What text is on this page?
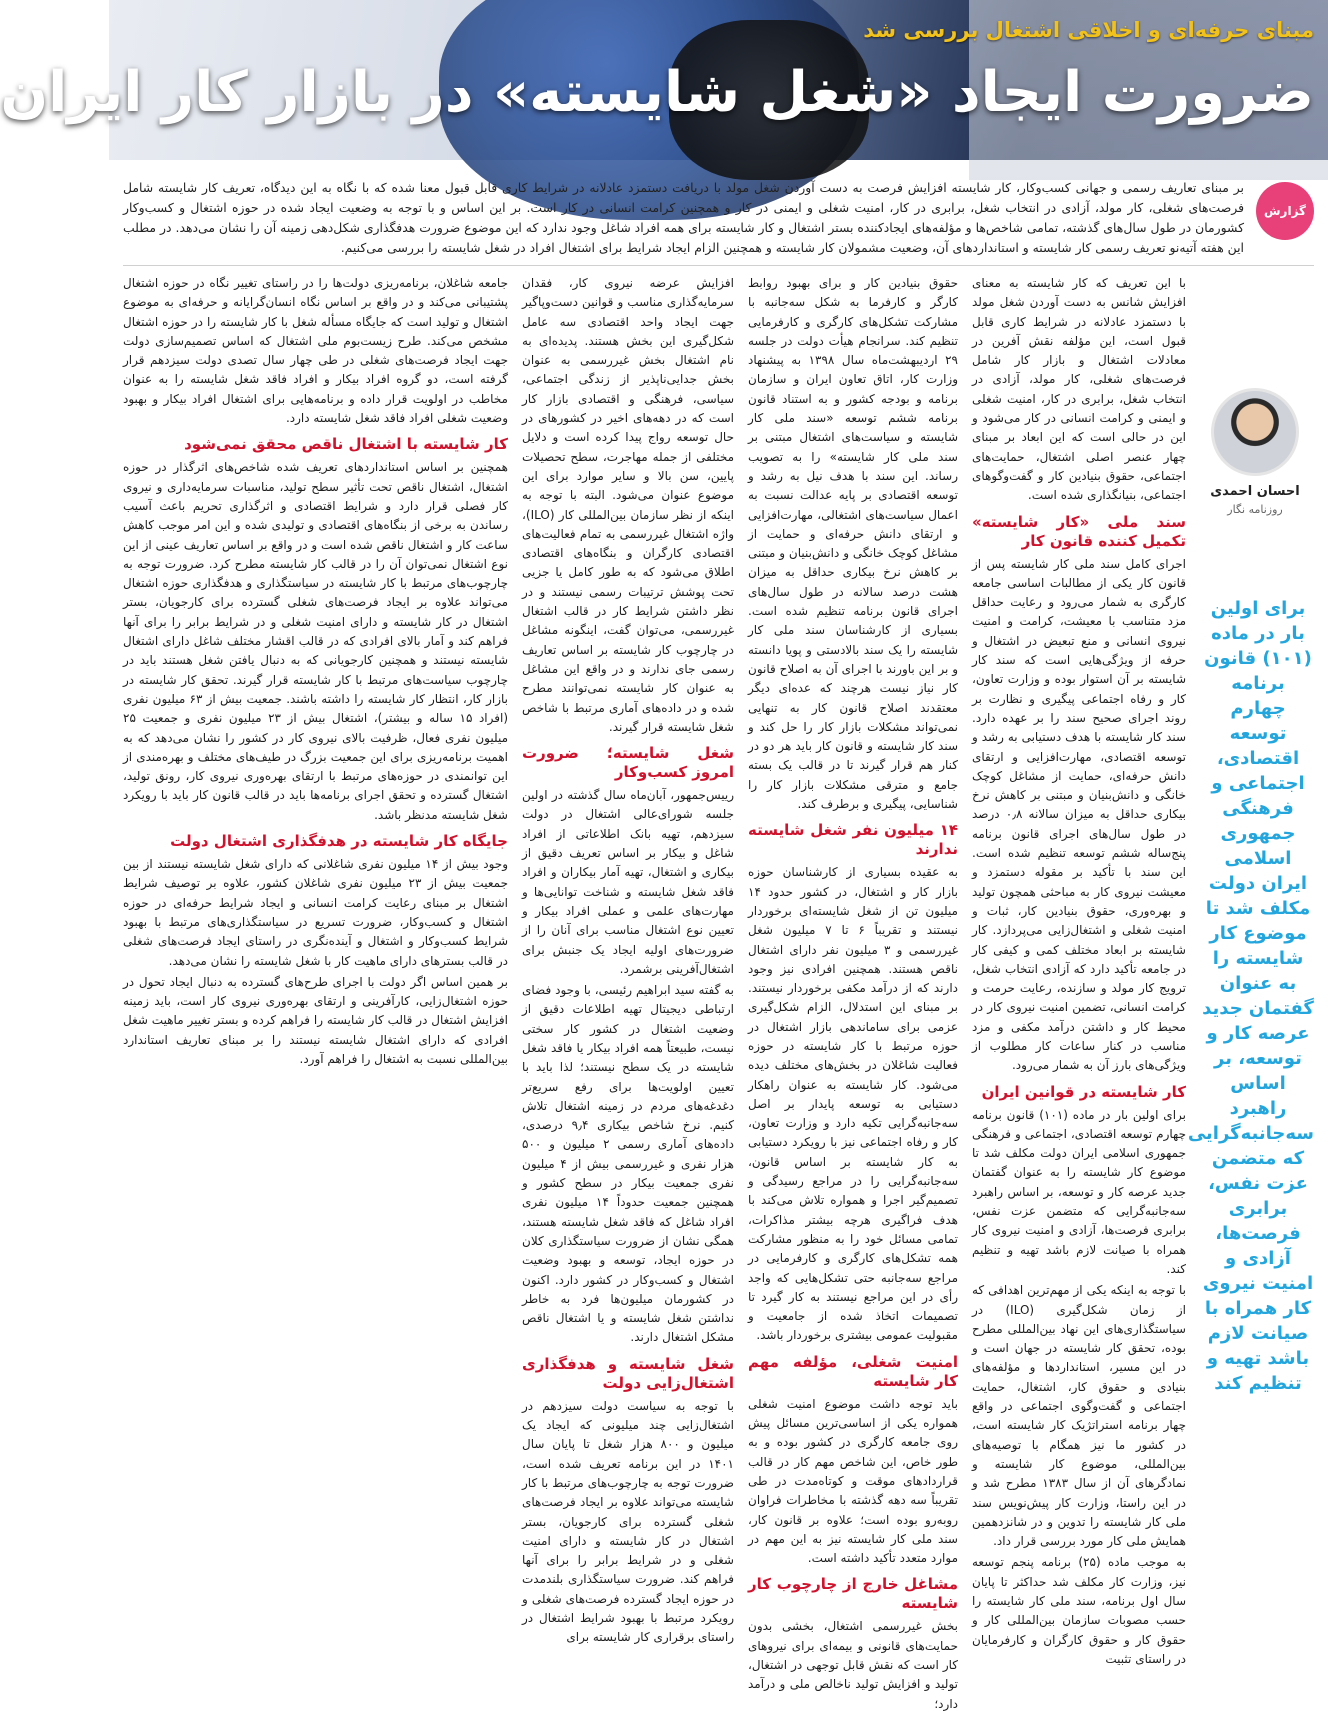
مبنای حرفه‌ای و اخلاقی اشتغال بررسی شد
ضرورت ایجاد «شغل شایسته» در بازار کار ایران
گزارش
بر مبنای تعاریف رسمی و جهانی کسب‌وکار، کار شایسته افزایش فرصت به دست آوردن شغل مولد با دریافت دستمزد عادلانه در شرایط کاری قابل قبول معنا شده که با نگاه به این دیدگاه، تعریف کار شایسته شامل فرصت‌های شغلی، کار مولد، آزادی در انتخاب شغل، برابری در کار، امنیت شغلی و ایمنی در کار و همچنین کرامت انسانی در کار است. بر این اساس و با توجه به وضعیت ایجاد شده در حوزه اشتغال و کسب‌وکار کشورمان در طول سال‌های گذشته، تمامی شاخص‌ها و مؤلفه‌های ایجادکننده بستر اشتغال و کار شایسته برای همه افراد شاغل وجود ندارد که این موضوع ضرورت هدفگذاری شکل‌دهی زمینه آن را نشان می‌دهد. در مطلب این هفته آتیه‌نو تعریف رسمی کار شایسته و استانداردهای آن، وضعیت مشمولان کار شایسته و همچنین الزام ایجاد شرایط برای اشتغال افراد در شغل شایسته را بررسی می‌کنیم.
احسان احمدی
روزنامه نگار
برای اولین بار در ماده (۱۰۱) قانون برنامه چهارم توسعه اقتصادی، اجتماعی و فرهنگی جمهوری اسلامی ایران دولت مکلف شد تا موضوع کار شایسته را به عنوان گفتمان جدید عرصه کار و توسعه، بر اساس راهبرد سه‌جانبه‌گرایی که متضمن عزت نفس، برابری فرصت‌ها، آزادی و امنیت نیروی کار همراه با صیانت لازم باشد تهیه و تنظیم کند

با این تعریف که کار شایسته به معنای افزایش شانس به دست آوردن شغل مولد با دستمزد عادلانه در شرایط کاری قابل قبول است، این مؤلفه نقش آفرین در معادلات اشتغال و بازار کار شامل فرصت‌های شغلی، کار مولد، آزادی در انتخاب شغل، برابری در کار، امنیت شغلی و ایمنی و کرامت انسانی در کار می‌شود و این در حالی است که این ابعاد بر مبنای چهار عنصر اصلی اشتغال، حمایت‌های اجتماعی، حقوق بنیادین کار و گفت‌وگوهای اجتماعی، بنیانگذاری شده است.

سند ملی «کار شایسته» تکمیل کننده قانون کار

اجرای کامل سند ملی کار شایسته پس از قانون کار یکی از مطالبات اساسی جامعه کارگری به شمار می‌رود و رعایت حداقل مزد متناسب با معیشت، کرامت و امنیت نیروی انسانی و منع تبعیض در اشتغال و حرفه از ویژگی‌هایی است که سند کار شایسته بر آن استوار بوده و وزارت تعاون، کار و رفاه اجتماعی پیگیری و نظارت بر روند اجرای صحیح سند را بر عهده دارد. سند کار شایسته با هدف دستیابی به رشد و توسعه اقتصادی، مهارت‌افزایی و ارتقای دانش حرفه‌ای، حمایت از مشاغل کوچک خانگی و دانش‌بنیان و مبتنی بر کاهش نرخ بیکاری حداقل به میزان سالانه ۰٫۸ درصد در طول سال‌های اجرای قانون برنامه پنج‌ساله ششم توسعه تنظیم شده است. این سند با تأکید بر مقوله دستمزد و معیشت نیروی کار به مباحثی همچون تولید و بهره‌وری، حقوق بنیادین کار، ثبات و امنیت شغلی و اشتغال‌زایی می‌پردازد. کار شایسته بر ابعاد مختلف کمی و کیفی کار در جامعه تأکید دارد که آزادی انتخاب شغل، ترویج کار مولد و سازنده، رعایت حرمت و کرامت انسانی، تضمین امنیت نیروی کار در محیط کار و داشتن درآمد مکفی و مزد مناسب در کنار ساعات کار مطلوب از ویژگی‌های بارز آن به شمار می‌رود.

کار شایسته در قوانین ایران

برای اولین بار در ماده (۱۰۱) قانون برنامه چهارم توسعه اقتصادی، اجتماعی و فرهنگی جمهوری اسلامی ایران دولت مکلف شد تا موضوع کار شایسته را به عنوان گفتمان جدید عرصه کار و توسعه، بر اساس راهبرد سه‌جانبه‌گرایی که متضمن عزت نفس، برابری فرصت‌ها، آزادی و امنیت نیروی کار همراه با صیانت لازم باشد تهیه و تنظیم کند.

با توجه به اینکه یکی از مهم‌ترین اهدافی که از زمان شکل‌گیری (ILO) در سیاستگذاری‌های این نهاد بین‌المللی مطرح بوده، تحقق کار شایسته در جهان است و در این مسیر، استانداردها و مؤلفه‌های بنیادی و حقوق کار، اشتغال، حمایت اجتماعی و گفت‌وگوی اجتماعی در واقع چهار برنامه استراتژیک کار شایسته است، در کشور ما نیز همگام با توصیه‌های بین‌المللی، موضوع کار شایسته و نمادگرهای آن از سال ۱۳۸۳ مطرح شد و در این راستا، وزارت کار پیش‌نویس سند ملی کار شایسته را تدوین و در شانزدهمین همایش ملی کار مورد بررسی قرار داد.

به موجب ماده (۲۵) برنامه پنجم توسعه نیز، وزارت کار مکلف شد حداکثر تا پایان سال اول برنامه، سند ملی کار شایسته را حسب مصوبات سازمان بین‌المللی کار و حقوق کار و حقوق کارگران و کارفرمایان در راستای تثبیت

حقوق بنیادین کار و برای بهبود روابط کارگر و کارفرما به شکل سه‌جانبه با مشارکت تشکل‌های کارگری و کارفرمایی تنظیم کند. سرانجام هیأت دولت در جلسه ۲۹ اردیبهشت‌ماه سال ۱۳۹۸ به پیشنهاد وزارت کار، اتاق تعاون ایران و سازمان برنامه و بودجه کشور و به استناد قانون برنامه ششم توسعه «سند ملی کار شایسته و سیاست‌های اشتغال مبتنی بر سند ملی کار شایسته» را به تصویب رساند. این سند با هدف نیل به رشد و توسعه اقتصادی بر پایه عدالت نسبت به اعمال سیاست‌های اشتغالی، مهارت‌افزایی و ارتقای دانش حرفه‌ای و حمایت از مشاغل کوچک خانگی و دانش‌بنیان و مبتنی بر کاهش نرخ بیکاری حداقل به میزان هشت درصد سالانه در طول سال‌های اجرای قانون برنامه تنظیم شده است. بسیاری از کارشناسان سند ملی کار شایسته را یک سند بالادستی و پویا دانسته و بر این باورند با اجرای آن به اصلاح قانون کار نیاز نیست هرچند که عده‌ای دیگر معتقدند اصلاح قانون کار به تنهایی نمی‌تواند مشکلات بازار کار را حل کند و سند کار شایسته و قانون کار باید هر دو در کنار هم قرار گیرند تا در قالب یک بسته جامع و مترقی مشکلات بازار کار را شناسایی، پیگیری و برطرف کند.

۱۴ میلیون نفر شغل شایسته ندارند

به عقیده بسیاری از کارشناسان حوزه بازار کار و اشتغال، در کشور حدود ۱۴ میلیون تن از شغل شایسته‌ای برخوردار نیستند و تقریباً ۶ تا ۷ میلیون شغل غیررسمی و ۳ میلیون نفر دارای اشتغال ناقص هستند. همچنین افرادی نیز وجود دارند که از درآمد مکفی برخوردار نیستند. بر مبنای این استدلال، الزام شکل‌گیری عزمی برای ساماندهی بازار اشتغال در حوزه مرتبط با کار شایسته در حوزه فعالیت شاغلان در بخش‌های مختلف دیده می‌شود. کار شایسته به عنوان راهکار دستیابی به توسعه پایدار بر اصل سه‌جانبه‌گرایی تکیه دارد و وزارت تعاون، کار و رفاه اجتماعی نیز با رویکرد دستیابی به کار شایسته بر اساس قانون، سه‌جانبه‌گرایی را در مراجع رسیدگی و تصمیم‌گیر اجرا و همواره تلاش می‌کند با هدف فراگیری هرچه بیشتر مذاکرات، تمامی مسائل خود را به منظور مشارکت همه تشکل‌های کارگری و کارفرمایی در مراجع سه‌جانبه حتی تشکل‌هایی که واجد رأی در این مراجع نیستند به کار گیرد تا تصمیمات اتخاذ شده از جامعیت و مقبولیت عمومی بیشتری برخوردار باشد.

امنیت شغلی، مؤلفه مهم کار شایسته

باید توجه داشت موضوع امنیت شغلی همواره یکی از اساسی‌ترین مسائل پیش روی جامعه کارگری در کشور بوده و به طور خاص، این شاخص مهم کار در قالب قراردادهای موقت و کوتاه‌مدت در طی تقریباً سه دهه گذشته با مخاطرات فراوان روبه‌رو بوده است؛ علاوه بر قانون کار، سند ملی کار شایسته نیز به این مهم در موارد متعدد تأکید داشته است.

مشاغل خارج از چارچوب کار شایسته

بخش غیررسمی اشتغال، بخشی بدون حمایت‌های قانونی و بیمه‌ای برای نیروهای کار است که نقش قابل توجهی در اشتغال، تولید و افزایش تولید ناخالص ملی و درآمد دارد؛

افزایش عرضه نیروی کار، فقدان سرمایه‌گذاری مناسب و قوانین دست‌وپاگیر جهت ایجاد واحد اقتصادی سه عامل شکل‌گیری این بخش هستند. پدیده‌ای به نام اشتغال بخش غیررسمی به عنوان بخش جدایی‌ناپذیر از زندگی اجتماعی، سیاسی، فرهنگی و اقتصادی بازار کار است که در دهه‌های اخیر در کشورهای در حال توسعه رواج پیدا کرده است و دلایل مختلفی از جمله مهاجرت، سطح تحصیلات پایین، سن بالا و سایر موارد برای این موضوع عنوان می‌شود. البته با توجه به اینکه از نظر سازمان بین‌المللی کار (ILO)، واژه اشتغال غیررسمی به تمام فعالیت‌های اقتصادی کارگران و بنگاه‌های اقتصادی اطلاق می‌شود که به طور کامل یا جزیی تحت پوشش ترتیبات رسمی نیستند و در نظر داشتن شرایط کار در قالب اشتغال غیررسمی، می‌توان گفت، اینگونه مشاغل در چارچوب کار شایسته بر اساس تعاریف رسمی جای ندارند و در واقع این مشاغل به عنوان کار شایسته نمی‌توانند مطرح شده و در داده‌های آماری مرتبط با شاخص شغل شایسته قرار گیرند.

شغل شایسته؛ ضرورت امروز کسب‌وکار

رییس‌جمهور، آبان‌ماه سال گذشته در اولین جلسه شورای‌عالی اشتغال در دولت سیزدهم، تهیه بانک اطلاعاتی از افراد شاغل و بیکار بر اساس تعریف دقیق از بیکاری و اشتغال، تهیه آمار بیکاران و افراد فاقد شغل شایسته و شناخت توانایی‌ها و مهارت‌های علمی و عملی افراد بیکار و تعیین نوع اشتغال مناسب برای آنان را از ضرورت‌های اولیه ایجاد یک جنبش برای اشتغال‌آفرینی برشمرد.

به گفته سید ابراهیم رئیسی، با وجود فضای ارتباطی دیجیتال تهیه اطلاعات دقیق از وضعیت اشتغال در کشور کار سختی نیست، طبیعتاً همه افراد بیکار یا فاقد شغل شایسته در یک سطح نیستند؛ لذا باید با تعیین اولویت‌ها برای رفع سریع‌تر دغدغه‌های مردم در زمینه اشتغال تلاش کنیم. نرخ شاخص بیکاری ۹٫۴ درصدی، داده‌های آماری رسمی ۲ میلیون و ۵۰۰ هزار نفری و غیررسمی بیش از ۴ میلیون نفری جمعیت بیکار در سطح کشور و همچنین جمعیت حدوداً ۱۴ میلیون نفری افراد شاغل که فاقد شغل شایسته هستند، همگی نشان از ضرورت سیاستگذاری کلان در حوزه ایجاد، توسعه و بهبود وضعیت اشتغال و کسب‌وکار در کشور دارد. اکنون در کشورمان میلیون‌ها فرد به خاطر نداشتن شغل شایسته و یا اشتغال ناقص مشکل اشتغال دارند.

شغل شایسته و هدفگذاری اشتغال‌زایی دولت

با توجه به سیاست دولت سیزدهم در اشتغال‌زایی چند میلیونی که ایجاد یک میلیون و ۸۰۰ هزار شغل تا پایان سال ۱۴۰۱ در این برنامه تعریف شده است، ضرورت توجه به چارچوب‌های مرتبط با کار شایسته می‌تواند علاوه بر ایجاد فرصت‌های شغلی گسترده برای کارجویان، بستر اشتغال در کار شایسته و دارای امنیت شغلی و در شرایط برابر را برای آنها فراهم کند. ضرورت سیاستگذاری بلندمدت در حوزه ایجاد گسترده فرصت‌های شغلی و رویکرد مرتبط با بهبود شرایط اشتغال در راستای برقراری کار شایسته برای

جامعه شاغلان، برنامه‌ریزی دولت‌ها را در راستای تغییر نگاه در حوزه اشتغال پشتیبانی می‌کند و در واقع بر اساس نگاه انسان‌گرایانه و حرفه‌ای به موضوع اشتغال و تولید است که جایگاه مسأله شغل با کار شایسته را در حوزه اشتغال مشخص می‌کند. طرح زیست‌بوم ملی اشتغال که اساس تصمیم‌سازی دولت جهت ایجاد فرصت‌های شغلی در طی چهار سال تصدی دولت سیزدهم قرار گرفته است، دو گروه افراد بیکار و افراد فاقد شغل شایسته را به عنوان مخاطب در اولویت قرار داده و برنامه‌هایی برای اشتغال افراد بیکار و بهبود وضعیت شغلی افراد فاقد شغل شایسته دارد.

کار شایسته با اشتغال ناقص محقق نمی‌شود

همچنین بر اساس استانداردهای تعریف شده شاخص‌های اثرگذار در حوزه اشتغال، اشتغال ناقص تحت تأثیر سطح تولید، مناسبات سرمایه‌داری و نیروی کار فصلی قرار دارد و شرایط اقتصادی و اثرگذاری تحریم باعث آسیب رساندن به برخی از بنگاه‌های اقتصادی و تولیدی شده و این امر موجب کاهش ساعت کار و اشتغال ناقص شده است و در واقع بر اساس تعاریف عینی از این نوع اشتغال نمی‌توان آن را در قالب کار شایسته مطرح کرد. ضرورت توجه به چارچوب‌های مرتبط با کار شایسته در سیاستگذاری و هدفگذاری حوزه اشتغال می‌تواند علاوه بر ایجاد فرصت‌های شغلی گسترده برای کارجویان، بستر اشتغال در کار شایسته و دارای امنیت شغلی و در شرایط برابر را برای آنها فراهم کند و آمار بالای افرادی که در قالب اقشار مختلف شاغل دارای اشتغال شایسته نیستند و همچنین کارجویانی که به دنبال یافتن شغل هستند باید در چارچوب سیاست‌های مرتبط با کار شایسته قرار گیرند. تحقق کار شایسته در بازار کار، انتظار کار شایسته را داشته باشند. جمعیت بیش از ۶۳ میلیون نفری (افراد ۱۵ ساله و بیشتر)، اشتغال بیش از ۲۳ میلیون نفری و جمعیت ۲۵ میلیون نفری فعال، ظرفیت بالای نیروی کار در کشور را نشان می‌دهد که به اهمیت برنامه‌ریزی برای این جمعیت بزرگ در طیف‌های مختلف و بهره‌مندی از این توانمندی در حوزه‌های مرتبط با ارتقای بهره‌وری نیروی کار، رونق تولید، اشتغال گسترده و تحقق اجرای برنامه‌ها باید در قالب قانون کار باید با رویکرد شغل شایسته مدنظر باشد.

جایگاه کار شایسته در هدفگذاری اشتغال دولت

وجود بیش از ۱۴ میلیون نفری شاغلانی که دارای شغل شایسته نیستند از بین جمعیت بیش از ۲۳ میلیون نفری شاغلان کشور، علاوه بر توصیف شرایط اشتغال بر مبنای رعایت کرامت انسانی و ایجاد شرایط حرفه‌ای در حوزه اشتغال و کسب‌وکار، ضرورت تسریع در سیاستگذاری‌های مرتبط با بهبود شرایط کسب‌وکار و اشتغال و آینده‌نگری در راستای ایجاد فرصت‌های شغلی در قالب بسترهای دارای ماهیت کار با شغل شایسته را نشان می‌دهد.

بر همین اساس اگر دولت با اجرای طرح‌های گسترده به دنبال ایجاد تحول در حوزه اشتغال‌زایی، کارآفرینی و ارتقای بهره‌وری نیروی کار است، باید زمینه افزایش اشتغال در قالب کار شایسته را فراهم کرده و بستر تغییر ماهیت شغل افرادی که دارای اشتغال شایسته نیستند را بر مبنای تعاریف استاندارد بین‌المللی نسبت به اشتغال را فراهم آورد.
